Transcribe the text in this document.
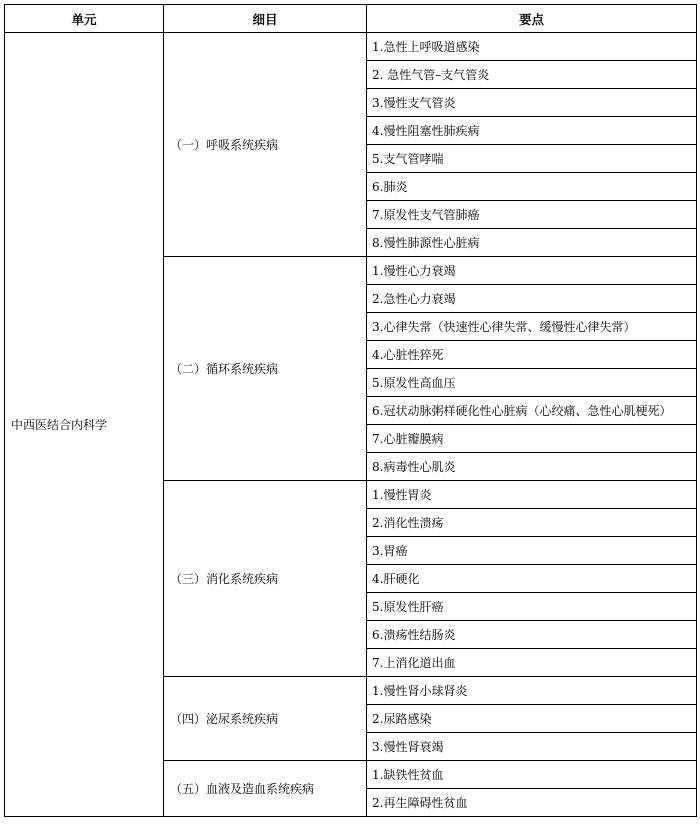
单元	细目	要点
中西医结合内科学	（一）呼吸系统疾病	1.急性上呼吸道感染
		2. 急性气管–支气管炎
		3.慢性支气管炎
		4.慢性阻塞性肺疾病
		5.支气管哮喘
		6.肺炎
		7.原发性支气管肺癌
		8.慢性肺源性心脏病
	（二）循环系统疾病	1.慢性心力衰竭
		2.急性心力衰竭
		3.心律失常（快速性心律失常、缓慢性心律失常）
		4.心脏性猝死
		5.原发性高血压
		6.冠状动脉粥样硬化性心脏病（心绞痛、急性心肌梗死）
		7.心脏瓣膜病
		8.病毒性心肌炎
	（三）消化系统疾病	1.慢性胃炎
		2.消化性溃疡
		3.胃癌
		4.肝硬化
		5.原发性肝癌
		6.溃疡性结肠炎
		7.上消化道出血
	（四）泌尿系统疾病	1.慢性肾小球肾炎
		2.尿路感染
		3.慢性肾衰竭
	（五）血液及造血系统疾病	1.缺铁性贫血
		2.再生障碍性贫血
